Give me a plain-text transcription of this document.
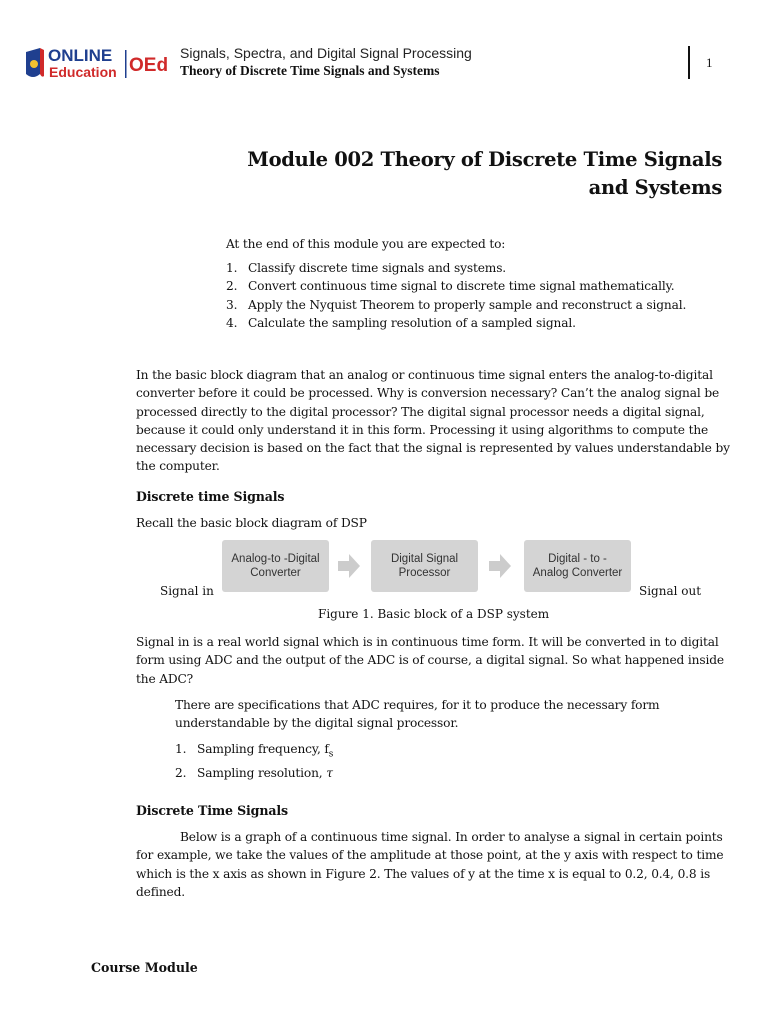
ONLINE
Education OEd
Signals, Spectra, and Digital Signal Processing
Theory of Discrete Time Signals and Systems
1
Module 002 Theory of Discrete Time Signals
and Systems
At the end of this module you are expected to:
1. Classify discrete time signals and systems.
2. Convert continuous time signal to discrete time signal mathematically.
3. Apply the Nyquist Theorem to properly sample and reconstruct a signal.
4. Calculate the sampling resolution of a sampled signal.
In the basic block diagram that an analog or continuous time signal enters the analog-to-digital converter before it could be processed. Why is conversion necessary? Can’t the analog signal be processed directly to the digital processor? The digital signal processor needs a digital signal, because it could only understand it in this form. Processing it using algorithms to compute the necessary decision is based on the fact that the signal is represented by values understandable by the computer.
Discrete time Signals
Recall the basic block diagram of DSP
Analog-to -Digital
Converter
Digital Signal
Processor
Digital - to -
Analog Converter
Signal in	Signal out
Figure 1. Basic block of a DSP system
Signal in is a real world signal which is in continuous time form. It will be converted in to digital form using ADC and the output of the ADC is of course, a digital signal. So what happened inside the ADC?
There are specifications that ADC requires, for it to produce the necessary form understandable by the digital signal processor.
1. Sampling frequency, $f_s$
2. Sampling resolution, τ
Discrete Time Signals
Below is a graph of a continuous time signal. In order to analyse a signal in certain points for example, we take the values of the amplitude at those point, at the y axis with respect to time which is the x axis as shown in Figure 2. The values of y at the time x is equal to 0.2, 0.4, 0.8 is defined.
Course Module
